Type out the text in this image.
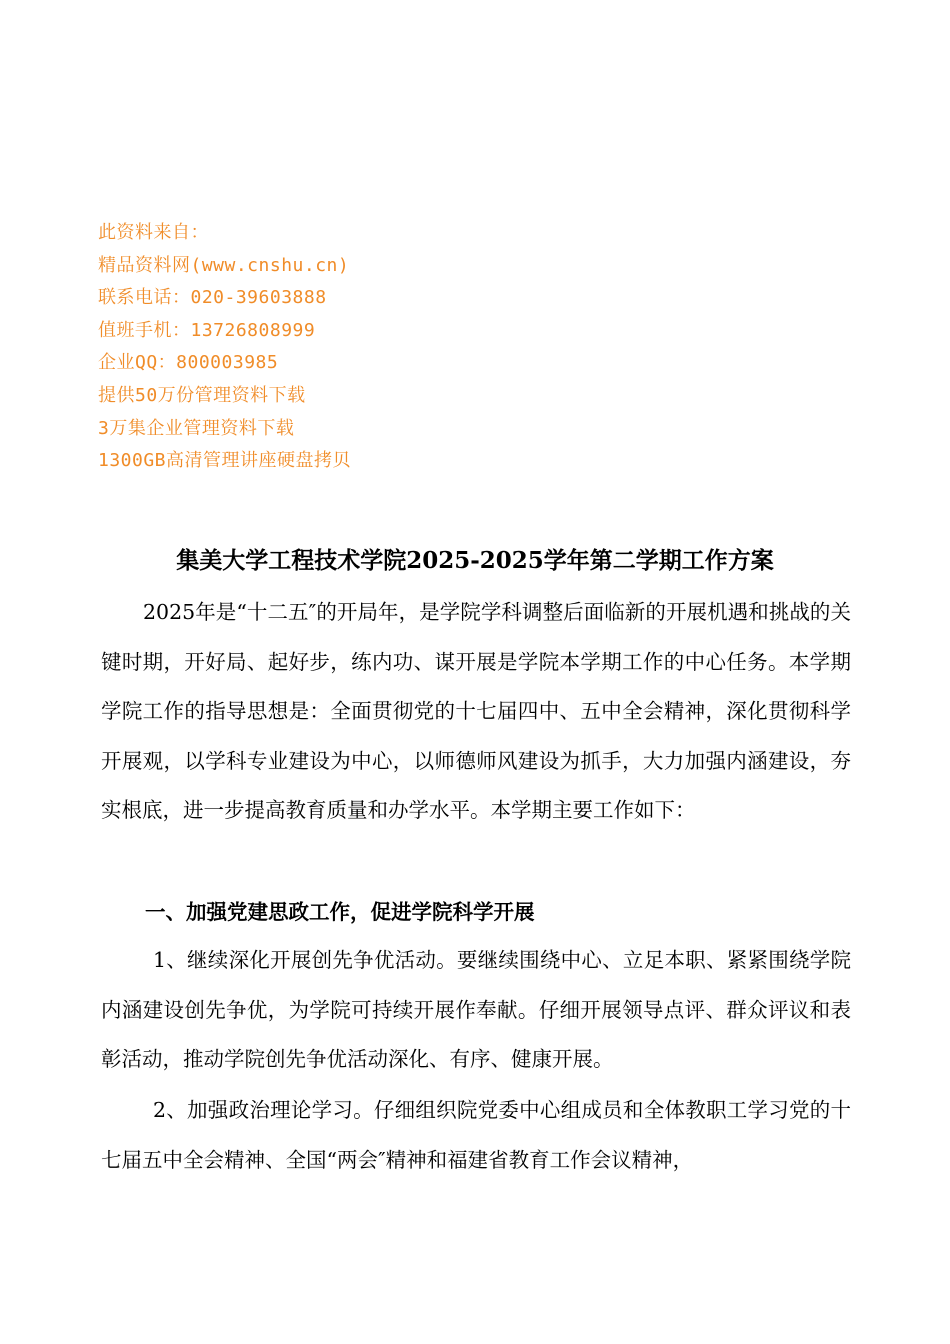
此资料来自：
精品资料网(www.cnshu.cn)
联系电话：020-39603888
值班手机：13726808999
企业QQ：800003985
提供50万份管理资料下载
3万集企业管理资料下载
1300GB高清管理讲座硬盘拷贝
集美大学工程技术学院2025-2025学年第二学期工作方案
2025年是“十二五″的开局年，是学院学科调整后面临新的开展机遇和挑战的关键时期，开好局、起好步，练内功、谋开展是学院本学期工作的中心任务。本学期学院工作的指导思想是：全面贯彻党的十七届四中、五中全会精神，深化贯彻科学开展观，以学科专业建设为中心，以师德师风建设为抓手，大力加强内涵建设，夯实根底，进一步提高教育质量和办学水平。本学期主要工作如下：
一、加强党建思政工作，促进学院科学开展
1、继续深化开展创先争优活动。要继续围绕中心、立足本职、紧紧围绕学院内涵建设创先争优，为学院可持续开展作奉献。仔细开展领导点评、群众评议和表彰活动，推动学院创先争优活动深化、有序、健康开展。
2、加强政治理论学习。仔细组织院党委中心组成员和全体教职工学习党的十七届五中全会精神、全国“两会″精神和福建省教育工作会议精神，
